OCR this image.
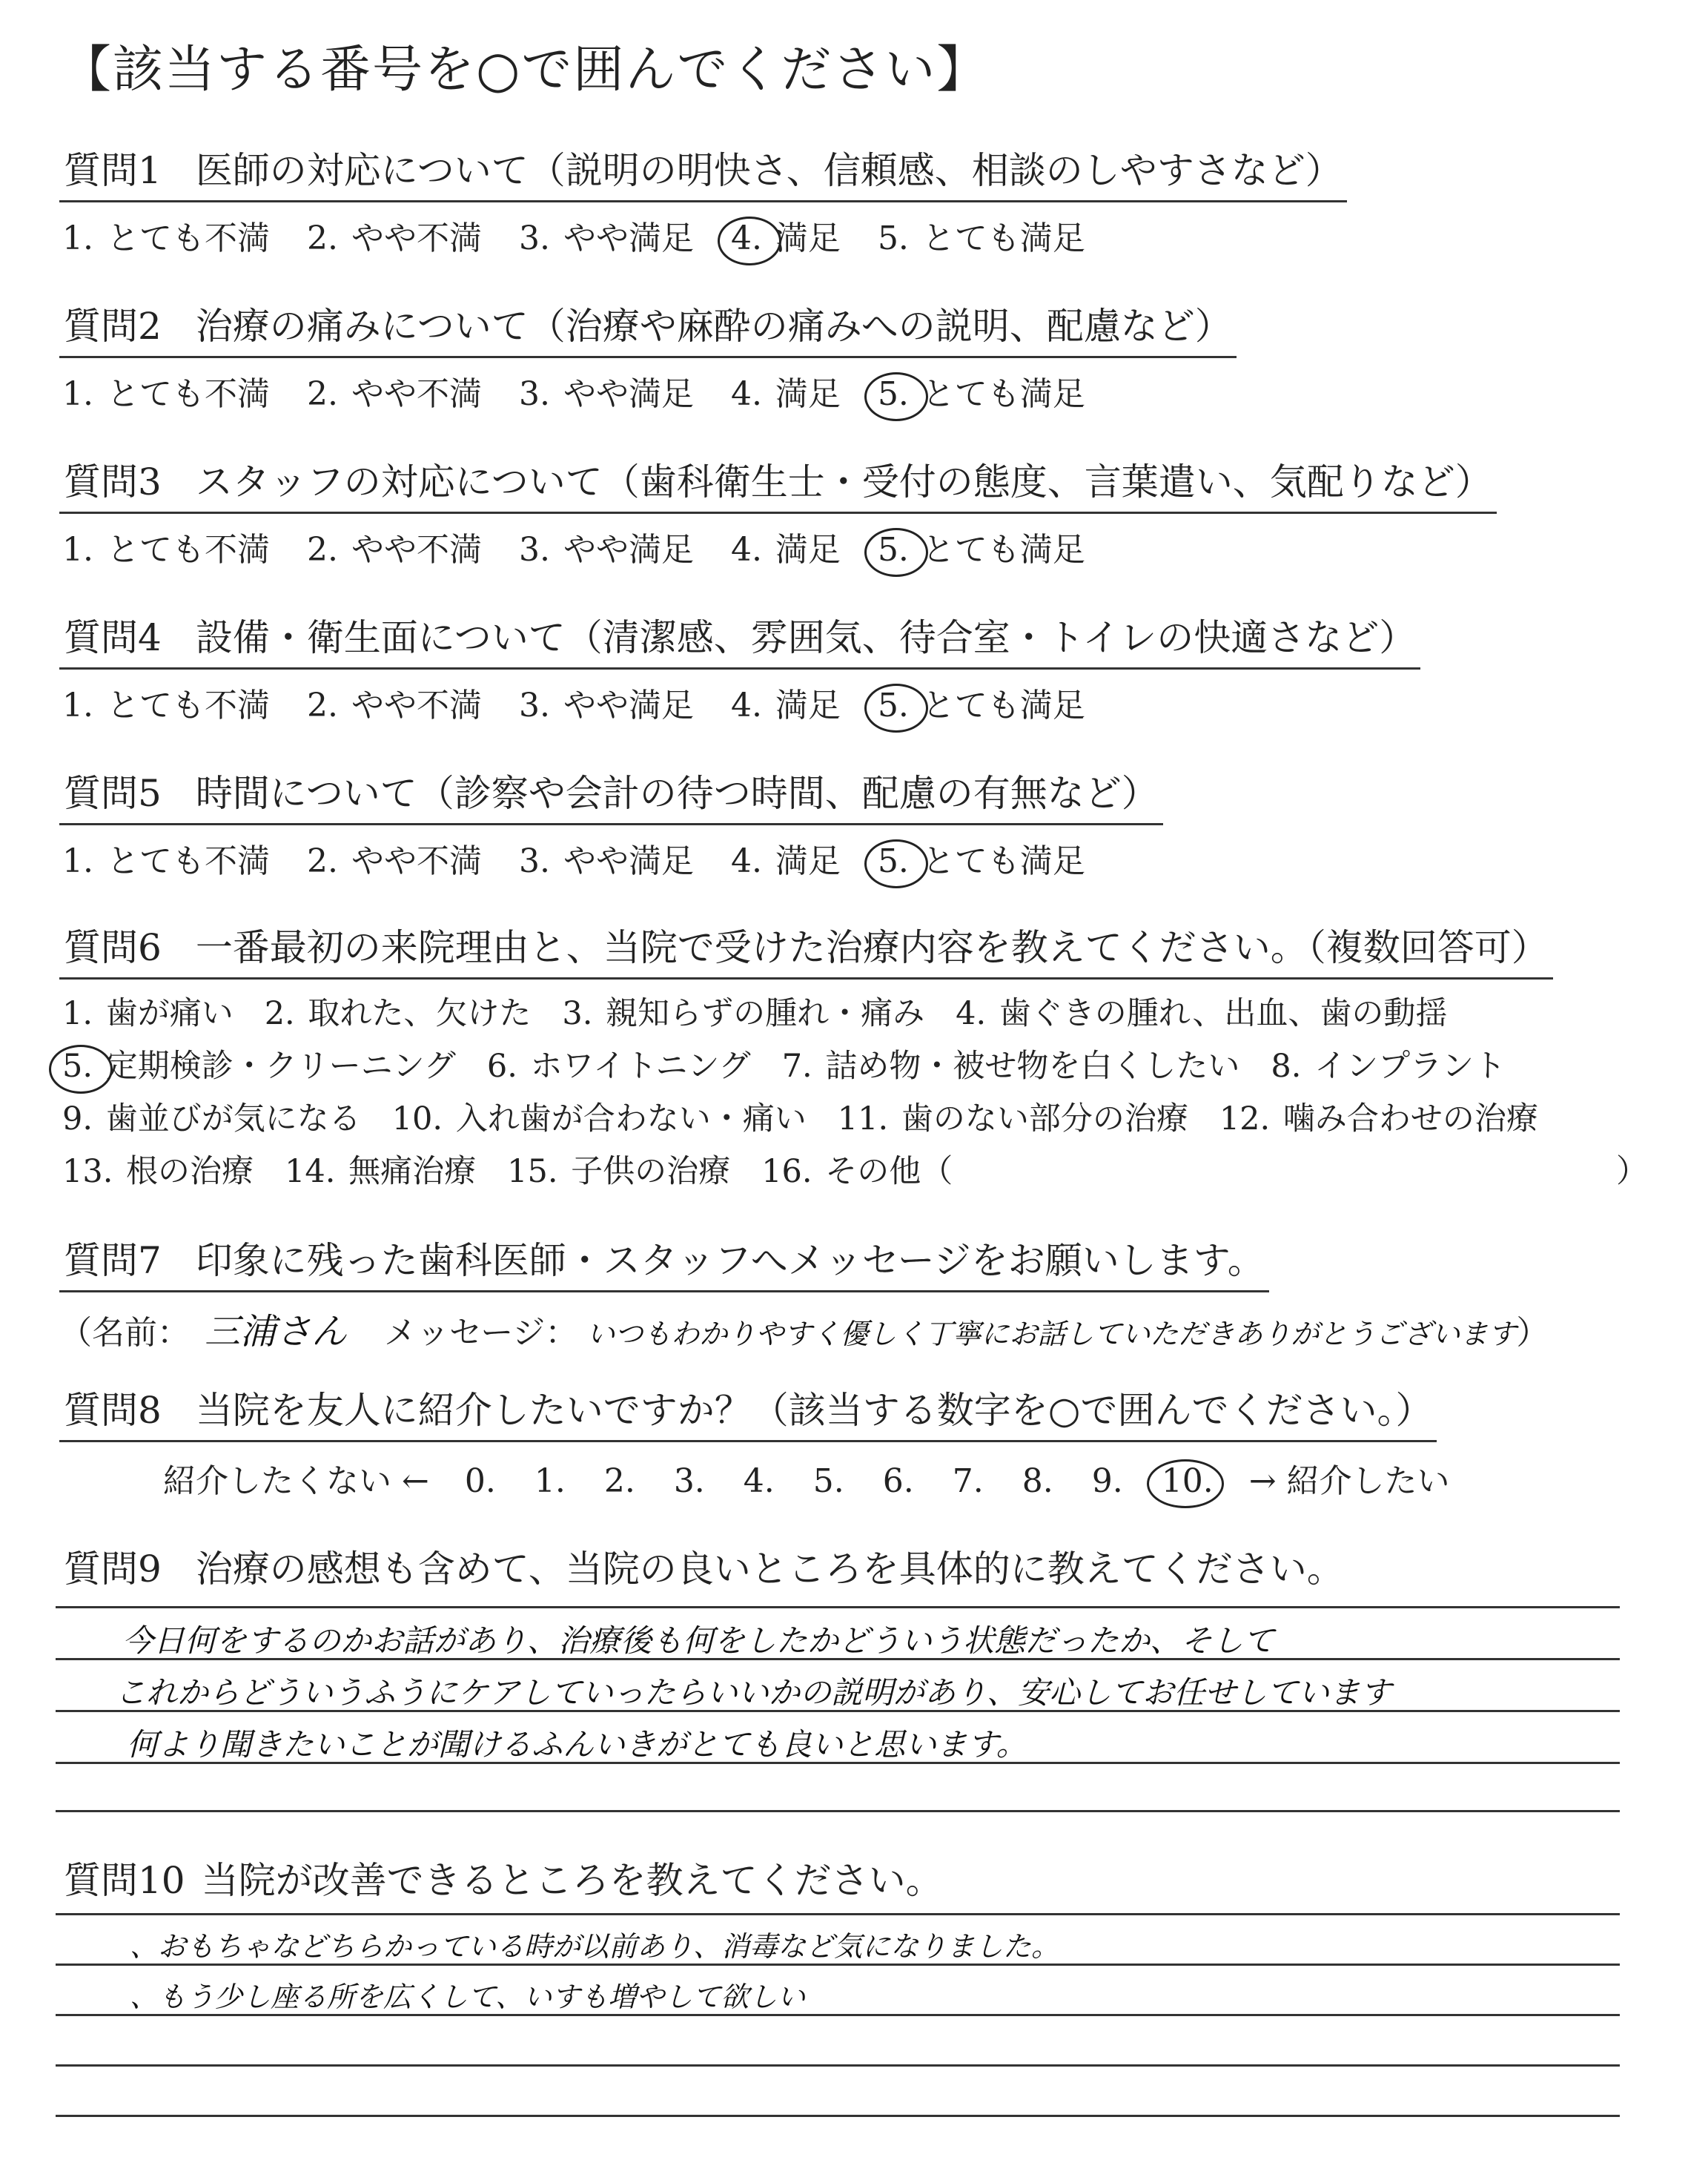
【該当する番号を○で囲んでください】
質問1 医師の対応について（説明の明快さ、信頼感、相談のしやすさなど）
1. とても不満 2. やや不満 3. やや満足 4. 満足 5. とても満足
質問2 治療の痛みについて（治療や麻酔の痛みへの説明、配慮など）
1. とても不満 2. やや不満 3. やや満足 4. 満足 5. とても満足
質問3 スタッフの対応について（歯科衛生士・受付の態度、言葉遣い、気配りなど）
1. とても不満 2. やや不満 3. やや満足 4. 満足 5. とても満足
質問4 設備・衛生面について（清潔感、雰囲気、待合室・トイレの快適さなど）
1. とても不満 2. やや不満 3. やや満足 4. 満足 5. とても満足
質問5 時間について（診察や会計の待つ時間、配慮の有無など）
1. とても不満 2. やや不満 3. やや満足 4. 満足 5. とても満足
質問6 一番最初の来院理由と、当院で受けた治療内容を教えてください。（複数回答可）
1. 歯が痛い 2. 取れた、欠けた 3. 親知らずの腫れ・痛み 4. 歯ぐきの腫れ、出血、歯の動揺
5. 定期検診・クリーニング 6. ホワイトニング 7. 詰め物・被せ物を白くしたい 8. インプラント
9. 歯並びが気になる 10. 入れ歯が合わない・痛い 11. 歯のない部分の治療 12. 噛み合わせの治療
13. 根の治療 14. 無痛治療 15. 子供の治療 16. その他（	）
質問7 印象に残った歯科医師・スタッフへメッセージをお願いします。
（名前： 三浦さん メッセージ： いつもわかりやすく優しく丁寧にお話していただきありがとうございます）
質問8 当院を友人に紹介したいですか？（該当する数字を○で囲んでください。）
紹介したくない ← 0. 1. 2. 3. 4. 5. 6. 7. 8. 9. 10. → 紹介したい
質問9 治療の感想も含めて、当院の良いところを具体的に教えてください。
今日何をするのかお話があり、治療後も何をしたかどういう状態だったか、そして
これからどういうふうにケアしていったらいいかの説明があり、安心してお任せしています
何より聞きたいことが聞けるふんいきがとても良いと思います。
質問10 当院が改善できるところを教えてください。
、おもちゃなどちらかっている時が以前あり、消毒など気になりました。
、もう少し座る所を広くして、いすも増やして欲しい
